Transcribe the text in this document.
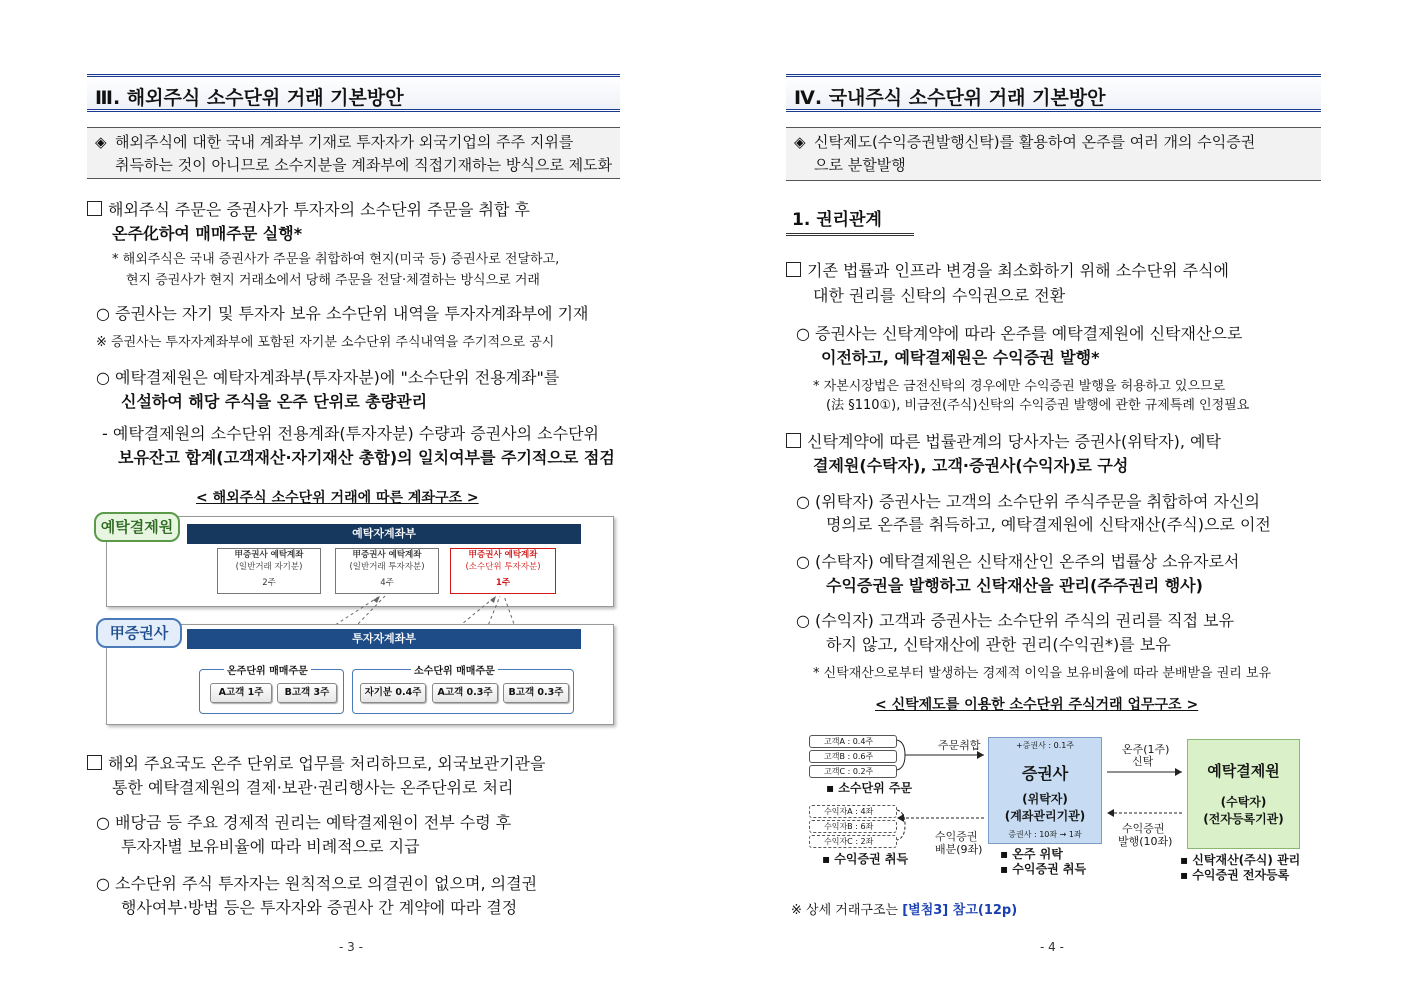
Ⅲ. 해외주식 소수단위 거래 기본방안
◈ 해외주식에 대한 국내 계좌부 기재로 투자자가 외국기업의 주주 지위를
취득하는 것이 아니므로 소수지분을 계좌부에 직접기재하는 방식으로 제도화
해외주식 주문은 증권사가 투자자의 소수단위 주문을 취합 후
온주化하여 매매주문 실행*
* 해외주식은 국내 증권사가 주문을 취합하여 현지(미국 등) 증권사로 전달하고,
현지 증권사가 현지 거래소에서 당해 주문을 전달·체결하는 방식으로 거래
○ 증권사는 자기 및 투자자 보유 소수단위 내역을 투자자계좌부에 기재
※ 증권사는 투자자계좌부에 포함된 자기분 소수단위 주식내역을 주기적으로 공시
○ 예탁결제원은 예탁자계좌부(투자자분)에 "소수단위 전용계좌"를
신설하여 해당 주식을 온주 단위로 총량관리
- 예탁결제원의 소수단위 전용계좌(투자자분) 수량과 증권사의 소수단위
보유잔고 합계(고객재산·자기재산 총합)의 일치여부를 주기적으로 점검
< 해외주식 소수단위 거래에 따른 계좌구조 >
예탁결제원	예탁자계좌부
甲증권사 예탁계좌
(일반거래 자기분)
2주
甲증권사 예탁계좌
(일반거래 투자자분)
4주
甲증권사 예탁계좌
(소수단위 투자자분)
1주
甲증권사	투자자계좌부
온주단위 매매주문	소수단위 매매주문
A고객 1주	B고객 3주	자기분 0.4주	A고객 0.3주	B고객 0.3주
해외 주요국도 온주 단위로 업무를 처리하므로, 외국보관기관을
통한 예탁결제원의 결제·보관·권리행사는 온주단위로 처리
○ 배당금 등 주요 경제적 권리는 예탁결제원이 전부 수령 후
투자자별 보유비율에 따라 비례적으로 지급
○ 소수단위 주식 투자자는 원칙적으로 의결권이 없으며, 의결권
행사여부·방법 등은 투자자와 증권사 간 계약에 따라 결정
- 3 -
Ⅳ. 국내주식 소수단위 거래 기본방안
◈ 신탁제도(수익증권발행신탁)를 활용하여 온주를 여러 개의 수익증권
으로 분할발행
1. 권리관계
기존 법률과 인프라 변경을 최소화하기 위해 소수단위 주식에
대한 권리를 신탁의 수익권으로 전환
○ 증권사는 신탁계약에 따라 온주를 예탁결제원에 신탁재산으로
이전하고, 예탁결제원은 수익증권 발행*
* 자본시장법은 금전신탁의 경우에만 수익증권 발행을 허용하고 있으므로
(法 §110①), 비금전(주식)신탁의 수익증권 발행에 관한 규제특례 인정필요
신탁계약에 따른 법률관계의 당사자는 증권사(위탁자), 예탁
결제원(수탁자), 고객·증권사(수익자)로 구성
○ (위탁자) 증권사는 고객의 소수단위 주식주문을 취합하여 자신의
명의로 온주를 취득하고, 예탁결제원에 신탁재산(주식)으로 이전
○ (수탁자) 예탁결제원은 신탁재산인 온주의 법률상 소유자로서
수익증권을 발행하고 신탁재산을 관리(주주권리 행사)
○ (수익자) 고객과 증권사는 소수단위 주식의 권리를 직접 보유
하지 않고, 신탁재산에 관한 권리(수익권*)를 보유
* 신탁재산으로부터 발생하는 경제적 이익을 보유비율에 따라 분배받을 권리 보유
< 신탁제도를 이용한 소수단위 주식거래 업무구조 >
고객A : 0.4주
고객B : 0.6주
고객C : 0.2주
▪ 소수단위 주문
수익자A : 4좌
수익자B : 6좌
수익자C : 2좌
▪ 수익증권 취득
주문취합
수익증권
배분(9좌)
+증권사 : 0.1주
증권사
(위탁자)
(계좌관리기관)
증권사 : 10좌 → 1좌
▪ 온주 위탁
▪ 수익증권 취득
온주(1주)
신탁
수익증권
발행(10좌)
예탁결제원
(수탁자)
(전자등록기관)
▪ 신탁재산(주식) 관리
▪ 수익증권 전자등록
※ 상세 거래구조는 [별첨3] 참고(12p)
- 4 -
